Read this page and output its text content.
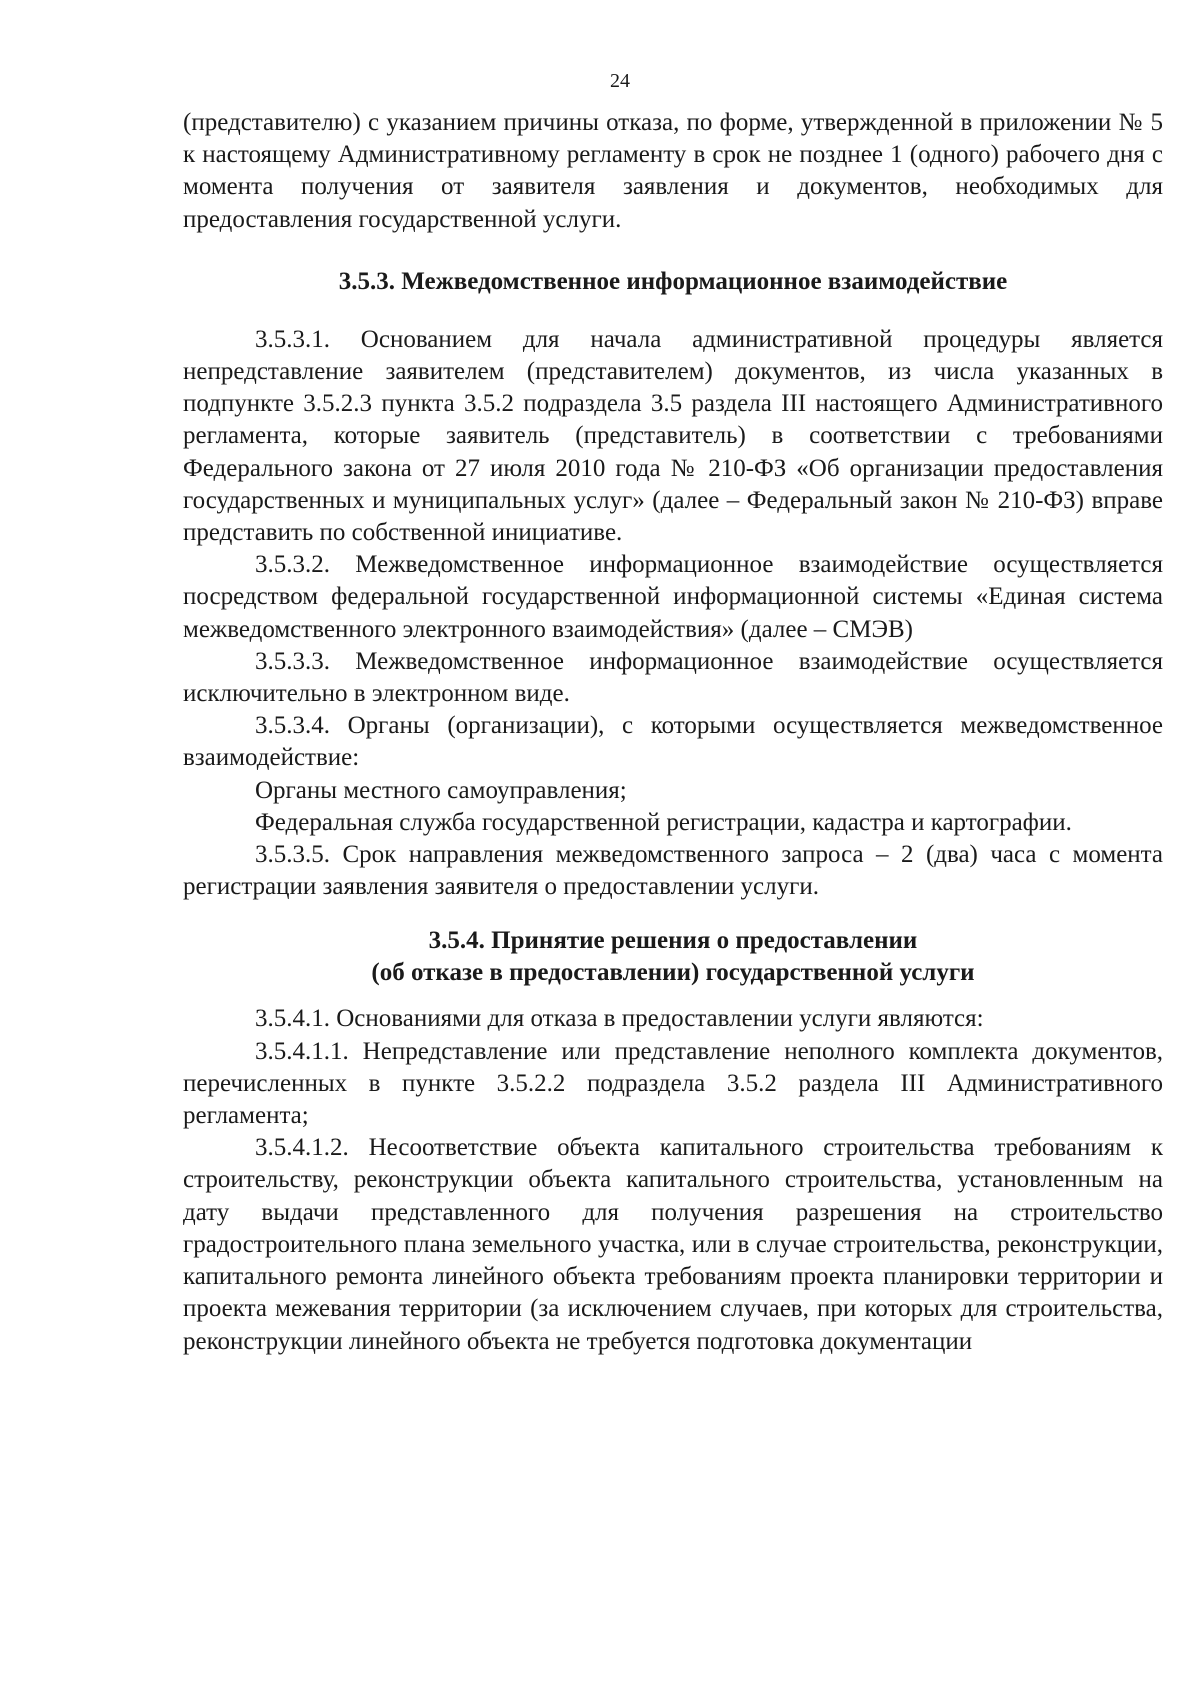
24

(представителю) с указанием причины отказа, по форме, утвержденной в приложении № 5 к настоящему Административному регламенту в срок не позднее 1 (одного) рабочего дня с момента получения от заявителя заявления и документов, необходимых для предоставления государственной услуги.

3.5.3. Межведомственное информационное взаимодействие

3.5.3.1. Основанием для начала административной процедуры является непредставление заявителем (представителем) документов, из числа указанных в подпункте 3.5.2.3 пункта 3.5.2 подраздела 3.5 раздела III настоящего Административного регламента, которые заявитель (представитель) в соответствии с требованиями Федерального закона от 27 июля 2010 года № 210-ФЗ «Об организации предоставления государственных и муниципальных услуг» (далее – Федеральный закон № 210-ФЗ) вправе представить по собственной инициативе.

3.5.3.2. Межведомственное информационное взаимодействие осуществляется посредством федеральной государственной информационной системы «Единая система межведомственного электронного взаимодействия» (далее – СМЭВ)

3.5.3.3. Межведомственное информационное взаимодействие осуществляется исключительно в электронном виде.

3.5.3.4. Органы (организации), с которыми осуществляется межведомственное взаимодействие:

Органы местного самоуправления;

Федеральная служба государственной регистрации, кадастра и картографии.

3.5.3.5. Срок направления межведомственного запроса – 2 (два) часа с момента регистрации заявления заявителя о предоставлении услуги.

3.5.4. Принятие решения о предоставлении
(об отказе в предоставлении) государственной услуги

3.5.4.1. Основаниями для отказа в предоставлении услуги являются:

3.5.4.1.1. Непредставление или представление неполного комплекта документов, перечисленных в пункте 3.5.2.2 подраздела 3.5.2 раздела III Административного регламента;

3.5.4.1.2. Несоответствие объекта капитального строительства требованиям к строительству, реконструкции объекта капитального строительства, установленным на дату выдачи представленного для получения разрешения на строительство градостроительного плана земельного участка, или в случае строительства, реконструкции, капитального ремонта линейного объекта требованиям проекта планировки территории и проекта межевания территории (за исключением случаев, при которых для строительства, реконструкции линейного объекта не требуется подготовка документации
